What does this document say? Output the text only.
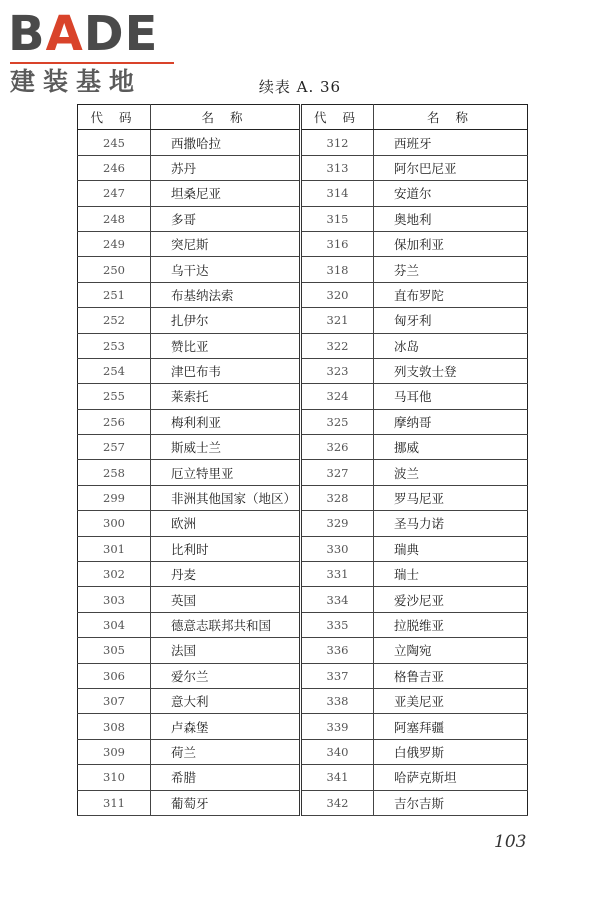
BADE
建装基地	续表 A. 36
代 码	名 称	代 码	名 称
245	西撒哈拉	312	西班牙
246	苏丹	313	阿尔巴尼亚
247	坦桑尼亚	314	安道尔
248	多哥	315	奥地利
249	突尼斯	316	保加利亚
250	乌干达	318	芬兰
251	布基纳法索	320	直布罗陀
252	扎伊尔	321	匈牙利
253	赞比亚	322	冰岛
254	津巴布韦	323	列支敦士登
255	莱索托	324	马耳他
256	梅利利亚	325	摩纳哥
257	斯威士兰	326	挪威
258	厄立特里亚	327	波兰
299	非洲其他国家（地区）	328	罗马尼亚
300	欧洲	329	圣马力诺
301	比利时	330	瑞典
302	丹麦	331	瑞士
303	英国	334	爱沙尼亚
304	德意志联邦共和国	335	拉脱维亚
305	法国	336	立陶宛
306	爱尔兰	337	格鲁吉亚
307	意大利	338	亚美尼亚
308	卢森堡	339	阿塞拜疆
309	荷兰	340	白俄罗斯
310	希腊	341	哈萨克斯坦
311	葡萄牙	342	吉尔吉斯
103
